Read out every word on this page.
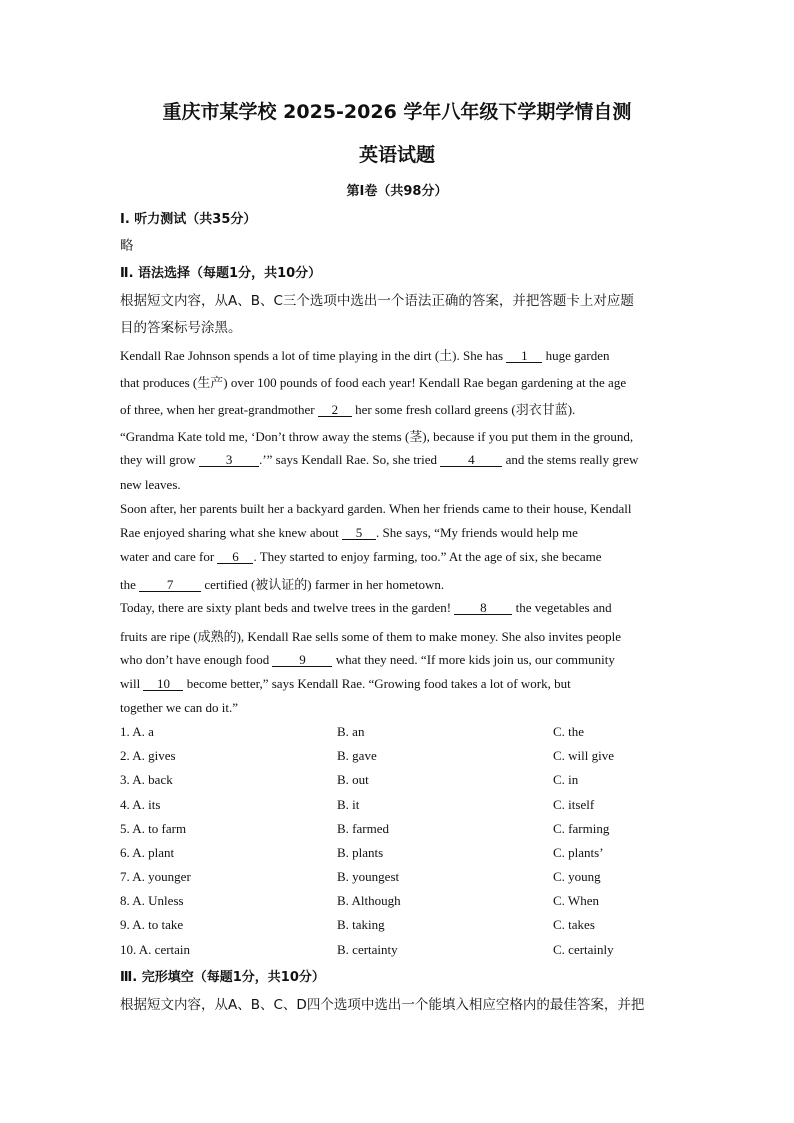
重庆市某学校 2025-2026 学年八年级下学期学情自测
英语试题
第Ⅰ卷（共98分）
I. 听力测试（共35分）
略
Ⅱ. 语法选择（每题1分，共10分）
根据短文内容，从A、B、C三个选项中选出一个语法正确的答案，并把答题卡上对应题
目的答案标号涂黑。
Kendall Rae Johnson spends a lot of time playing in the dirt (土). She has 1 huge garden
that produces (生产) over 100 pounds of food each year! Kendall Rae began gardening at the age
of three, when her great-grandmother 2 her some fresh collard greens (羽衣甘蓝).
“Grandma Kate told me, ‘Don’t throw away the stems (茎), because if you put them in the ground,
they will grow 3 .’” says Kendall Rae. So, she tried 4 and the stems really grew
new leaves.
Soon after, her parents built her a backyard garden. When her friends came to their house, Kendall
Rae enjoyed sharing what she knew about 5 . She says, “My friends would help me
water and care for 6 . They started to enjoy farming, too.” At the age of six, she became
the 7 certified (被认证的) farmer in her hometown.
Today, there are sixty plant beds and twelve trees in the garden! 8 the vegetables and
fruits are ripe (成熟的), Kendall Rae sells some of them to make money. She also invites people
who don’t have enough food 9 what they need. “If more kids join us, our community
will 10 become better,” says Kendall Rae. “Growing food takes a lot of work, but
together we can do it.”
1. A. a	B. an	C. the
2. A. gives	B. gave	C. will give
3. A. back	B. out	C. in
4. A. its	B. it	C. itself
5. A. to farm	B. farmed	C. farming
6. A. plant	B. plants	C. plants’
7. A. younger	B. youngest	C. young
8. A. Unless	B. Although	C. When
9. A. to take	B. taking	C. takes
10. A. certain	B. certainty	C. certainly
Ⅲ. 完形填空（每题1分，共10分）
根据短文内容，从A、B、C、D四个选项中选出一个能填入相应空格内的最佳答案，并把
